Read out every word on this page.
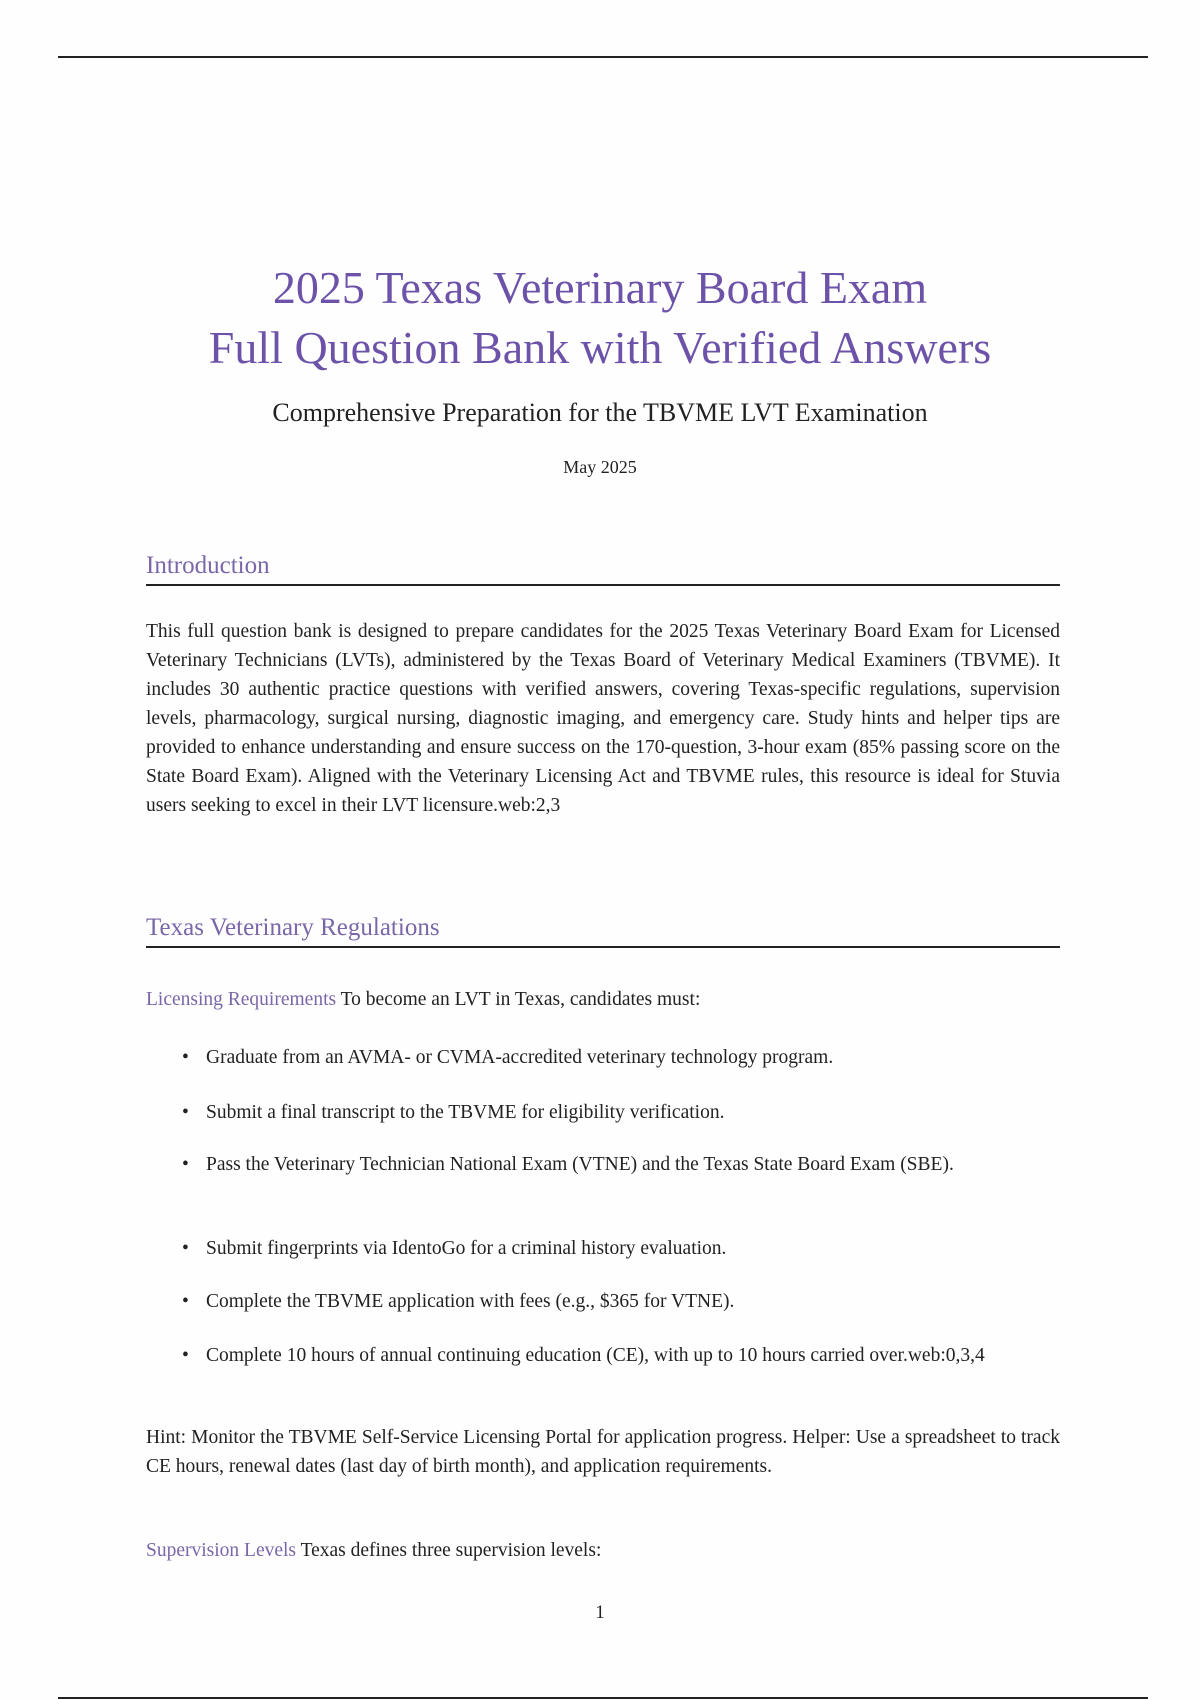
2025 Texas Veterinary Board Exam
Full Question Bank with Verified Answers
Comprehensive Preparation for the TBVME LVT Examination
May 2025
Introduction
This full question bank is designed to prepare candidates for the 2025 Texas Veterinary Board Exam for Licensed Veterinary Technicians (LVTs), administered by the Texas Board of Veterinary Medical Examiners (TBVME). It includes 30 authentic practice questions with verified answers, covering Texas-specific regulations, supervision levels, pharmacology, surgical nursing, diagnostic imaging, and emergency care. Study hints and helper tips are provided to enhance understanding and ensure success on the 170-question, 3-hour exam (85% passing score on the State Board Exam). Aligned with the Veterinary Licensing Act and TBVME rules, this resource is ideal for Stuvia users seeking to excel in their LVT licensure.web:2,3
Texas Veterinary Regulations
Licensing Requirements To become an LVT in Texas, candidates must:
• Graduate from an AVMA- or CVMA-accredited veterinary technology program.
• Submit a final transcript to the TBVME for eligibility verification.
• Pass the Veterinary Technician National Exam (VTNE) and the Texas State Board Exam (SBE).
• Submit fingerprints via IdentoGo for a criminal history evaluation.
• Complete the TBVME application with fees (e.g., $365 for VTNE).
• Complete 10 hours of annual continuing education (CE), with up to 10 hours carried over.web:0,3,4
Hint: Monitor the TBVME Self-Service Licensing Portal for application progress. Helper: Use a spreadsheet to track CE hours, renewal dates (last day of birth month), and application requirements.
Supervision Levels Texas defines three supervision levels:
1
